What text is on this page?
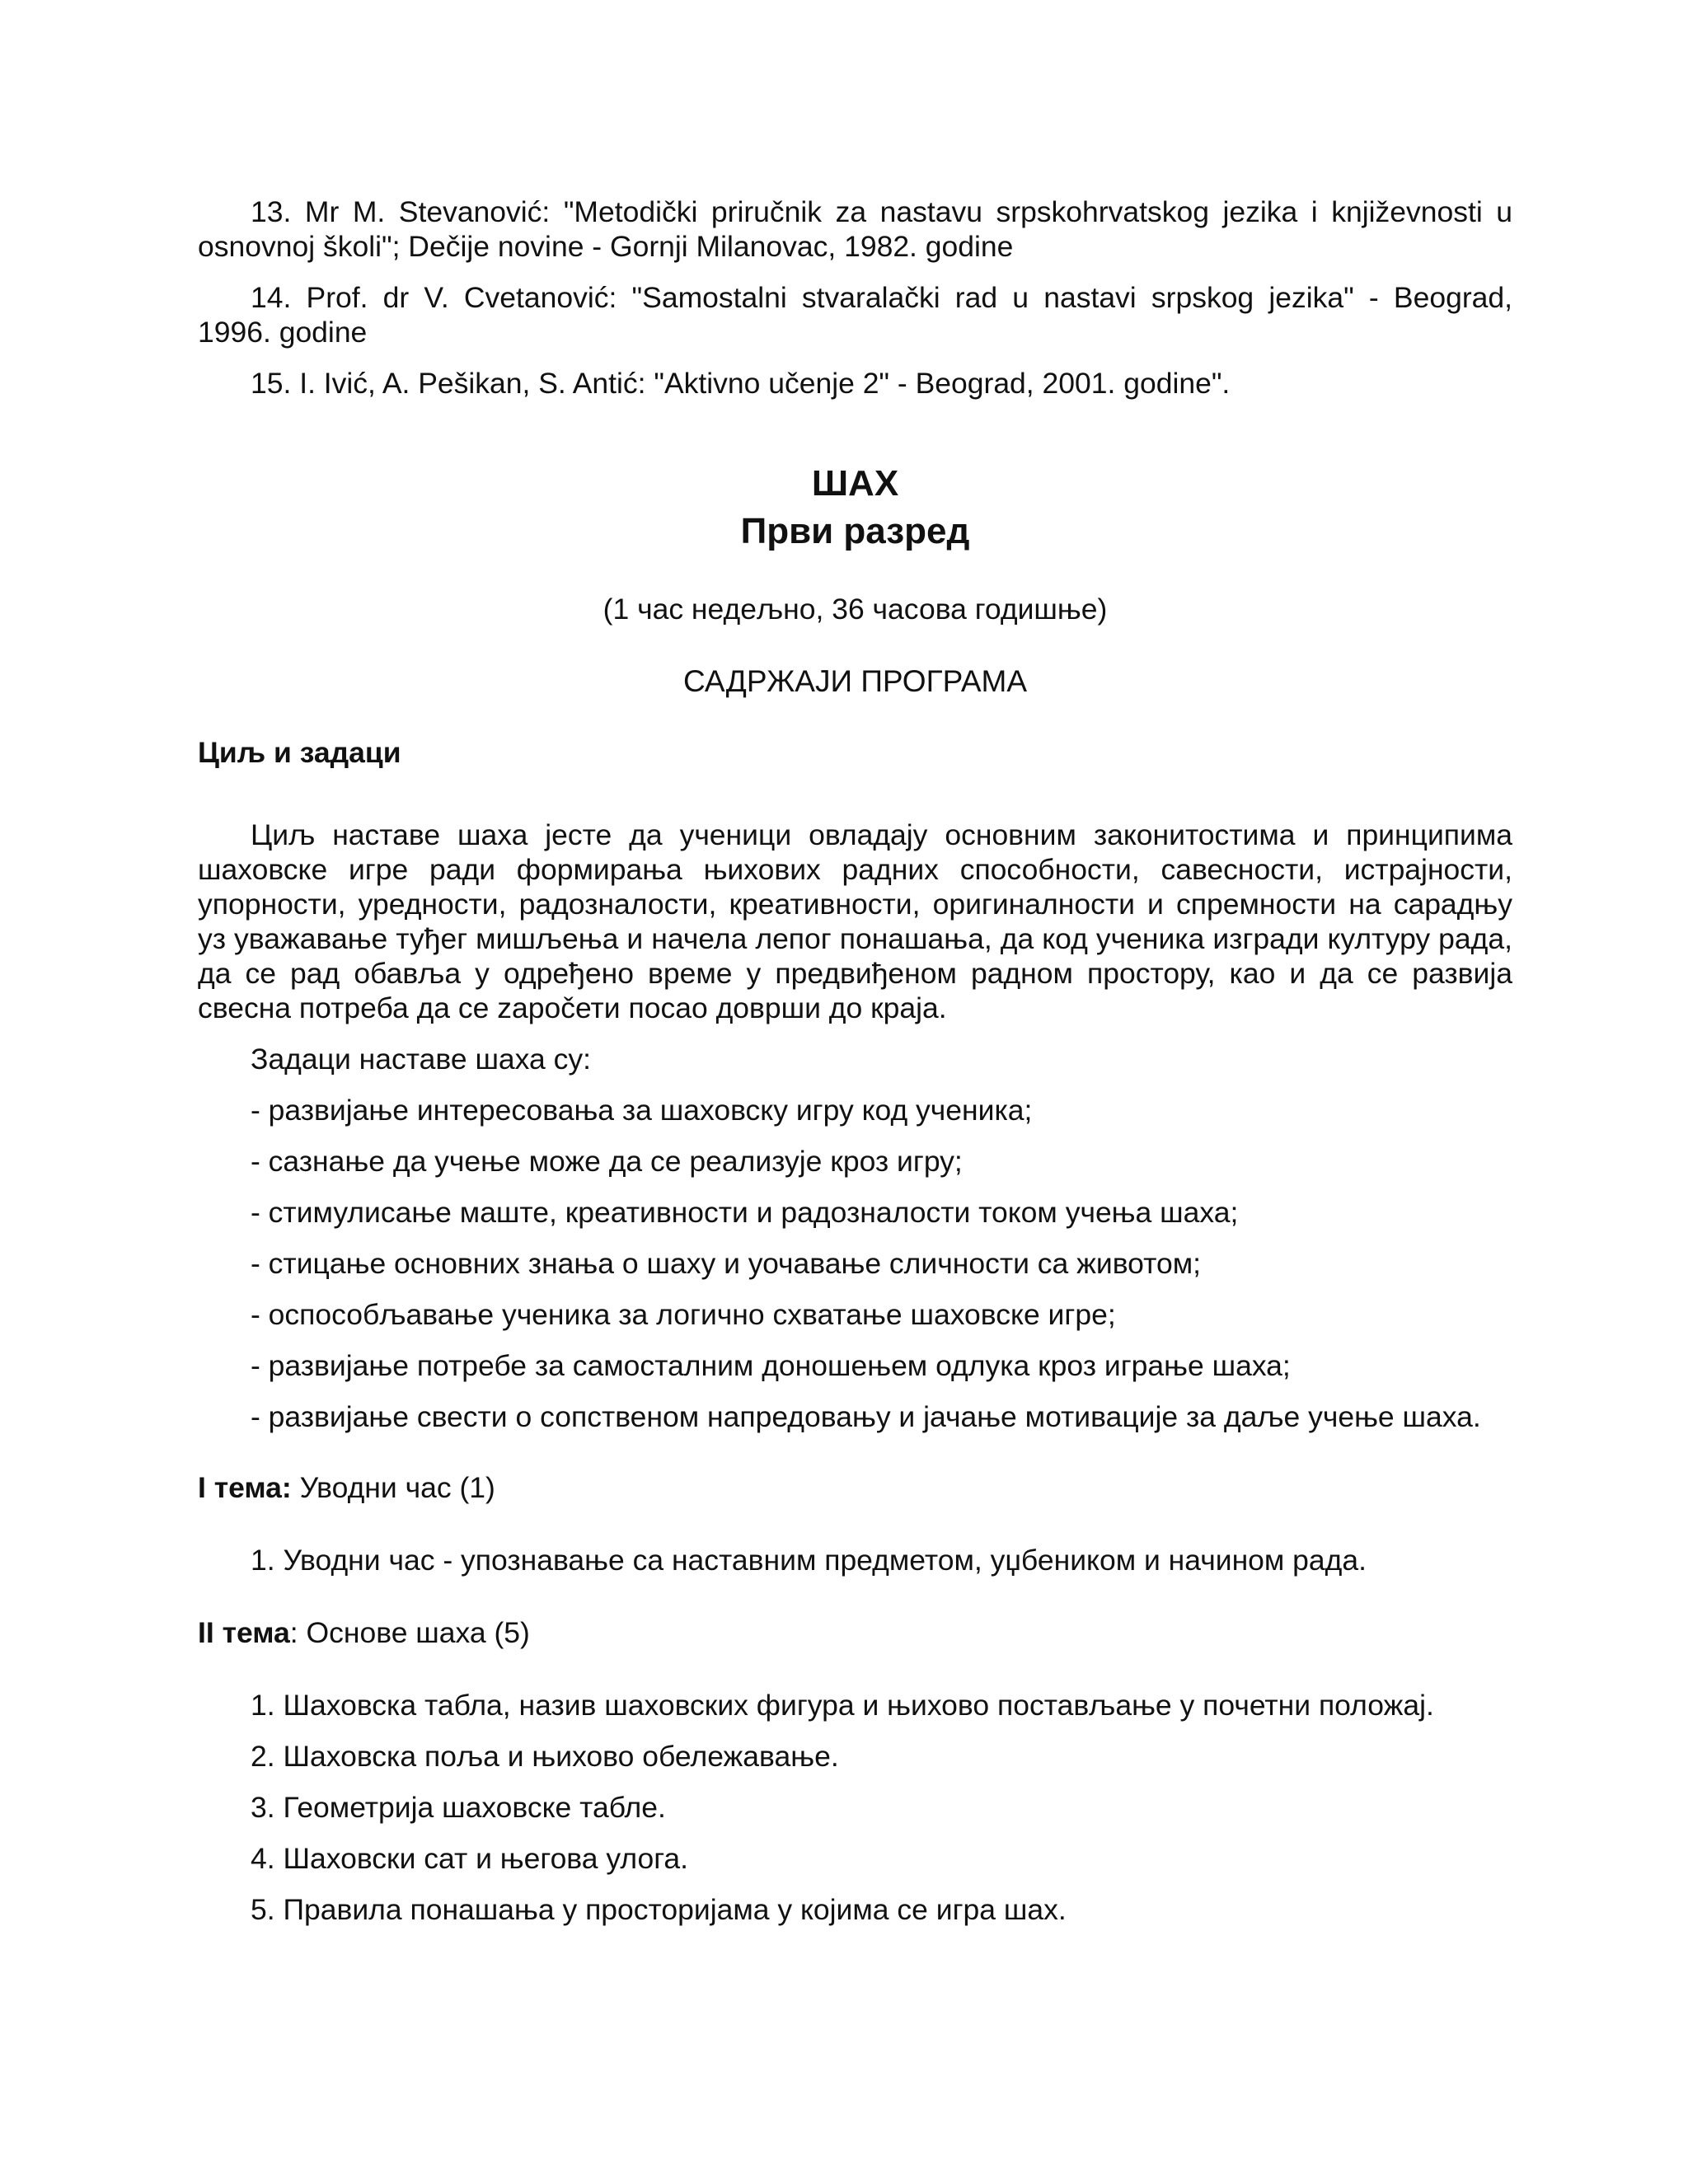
13. Mr M. Stevanović: "Metodički priručnik za nastavu srpskohrvatskog jezika i književnosti u
osnovnoj školi"; Dečije novine - Gornji Milanovac, 1982. godine
14. Prof. dr V. Cvetanović: "Samostalni stvaralački rad u nastavi srpskog jezika" - Beograd,
1996. godine
15. I. Ivić, A. Pešikan, S. Antić: "Aktivno učenje 2" - Beograd, 2001. godine".
ШАХ
Први разред

(1 час недељно, 36 часова годишње)

САДРЖАЈИ ПРОГРАМА

Циљ и задаци

Циљ наставе шаха јесте да ученици овладају основним законитостима и принципима шаховске игре ради формирања њихових радних способности, савесности, истрајности, упорности, уредности, радозналости, креативности, оригиналности и спремности на сарадњу уз уважавање туђег мишљења и начела лепог понашања, да код ученика изгради културу рада, да се рад обавља у одређено време у предвиђеном радном простору, као и да се развија свесна потреба да се započети посао доврши до краја.

Задаци наставе шаха су:

- развијање интересовања за шаховску игру код ученика;

- сазнање да учење може да се реализује кроз игру;

- стимулисање маште, креативности и радозналости током учења шаха;

- стицање основних знања о шаху и уочавање сличности са животом;

- оспособљавање ученика за логично схватање шаховске игре;

- развијање потребе за самосталним доношењем одлука кроз играње шаха;

- развијање свести о сопственом напредовању и јачање мотивације за даље учење шаха.

I тема: Уводни час (1)

1. Уводни час - упознавање са наставним предметом, уџбеником и начином рада.

II тема: Основе шаха (5)

1. Шаховска табла, назив шаховских фигура и њихово постављање у почетни положај.

2. Шаховска поља и њихово обележавање.

3. Геометрија шаховске табле.

4. Шаховски сат и његова улога.

5. Правила понашања у просторијама у којима се игра шах.
